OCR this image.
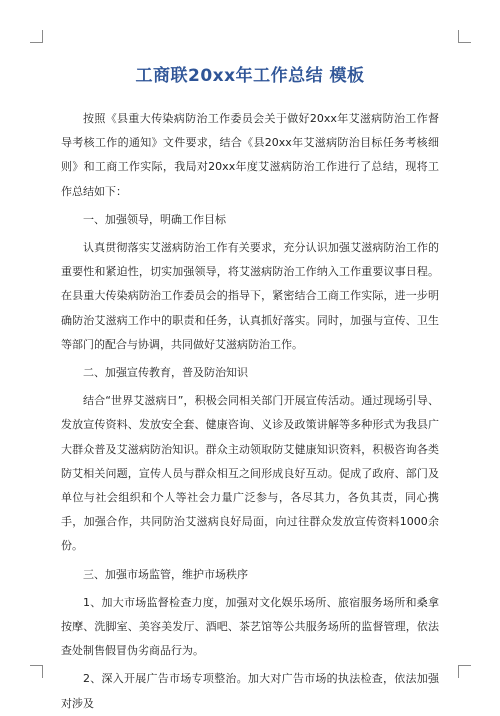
工商联20xx年工作总结 模板

按照《县重大传染病防治工作委员会关于做好20xx年艾滋病防治工作督导考核工作的通知》文件要求，结合《县20xx年艾滋病防治目标任务考核细则》和工商工作实际，我局对20xx年度艾滋病防治工作进行了总结，现将工作总结如下：

一、加强领导，明确工作目标

认真贯彻落实艾滋病防治工作有关要求，充分认识加强艾滋病防治工作的重要性和紧迫性，切实加强领导，将艾滋病防治工作纳入工作重要议事日程。在县重大传染病防治工作委员会的指导下，紧密结合工商工作实际，进一步明确防治艾滋病工作中的职责和任务，认真抓好落实。同时，加强与宣传、卫生等部门的配合与协调，共同做好艾滋病防治工作。

二、加强宣传教育，普及防治知识

结合“世界艾滋病日”，积极会同相关部门开展宣传活动。通过现场引导、发放宣传资料、发放安全套、健康咨询、义诊及政策讲解等多种形式为我县广大群众普及艾滋病防治知识。群众主动领取防艾健康知识资料，积极咨询各类防艾相关问题，宣传人员与群众相互之间形成良好互动。促成了政府、部门及单位与社会组织和个人等社会力量广泛参与，各尽其力，各负其责，同心携手，加强合作，共同防治艾滋病良好局面，向过往群众发放宣传资料1000余份。

三、加强市场监管，维护市场秩序

1、加大市场监督检查力度，加强对文化娱乐场所、旅宿服务场所和桑拿按摩、洗脚室、美容美发厅、酒吧、茶艺馆等公共服务场所的监督管理，依法查处制售假冒伪劣商品行为。

2、深入开展广告市场专项整治。加大对广告市场的执法检查，依法加强对涉及
